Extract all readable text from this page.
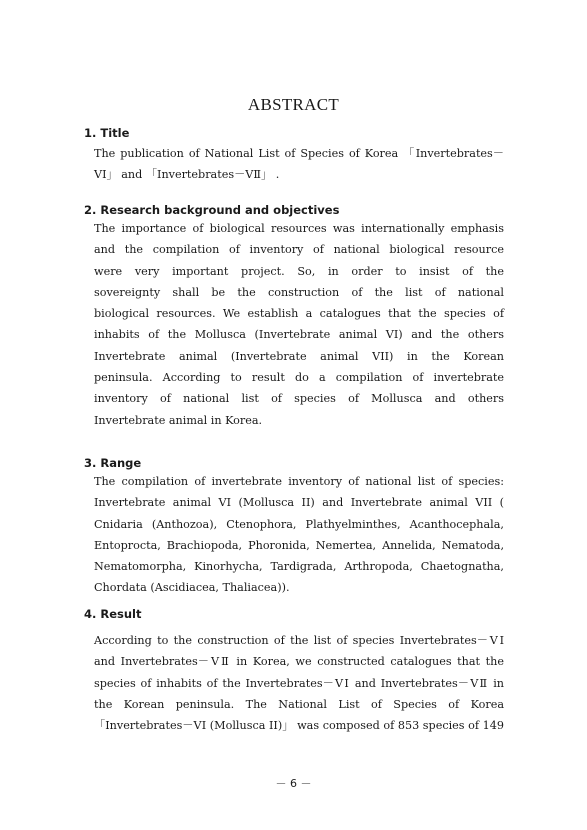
ABSTRACT
1. Title
The publication of National List of Species of Korea 「Invertebrates－
ⅤⅠ」 and 「Invertebrates－ⅤⅡ」 .
2. Research background and objectives
The importance of biological resources was internationally emphasis
and the compilation of inventory of national biological resource
were very important project. So, in order to insist of the
sovereignty shall be the construction of the list of national
biological resources. We establish a catalogues that the species of
inhabits of the Mollusca (Invertebrate animal VI) and the others
Invertebrate animal (Invertebrate animal VII) in the Korean
peninsula. According to result do a compilation of invertebrate
inventory of national list of species of Mollusca and others
Invertebrate animal in Korea.
3. Range
The compilation of invertebrate inventory of national list of species:
Invertebrate animal VI (Mollusca II) and Invertebrate animal VII (
Cnidaria (Anthozoa), Ctenophora, Plathyelminthes, Acanthocephala,
Entoprocta, Brachiopoda, Phoronida, Nemertea, Annelida, Nematoda,
Nematomorpha, Kinorhycha, Tardigrada, Arthropoda, Chaetognatha,
Chordata (Ascidiacea, Thaliacea)).
4. Result
According to the construction of the list of species Invertebrates－ⅤⅠ
and Invertebrates－ⅤⅡ in Korea, we constructed catalogues that the
species of inhabits of the Invertebrates－ⅤⅠ and Invertebrates－ⅤⅡ in
the Korean peninsula. The National List of Species of Korea
「Invertebrates－ⅤⅠ (Mollusca II)」 was composed of 853 species of 149
－ 6 －
